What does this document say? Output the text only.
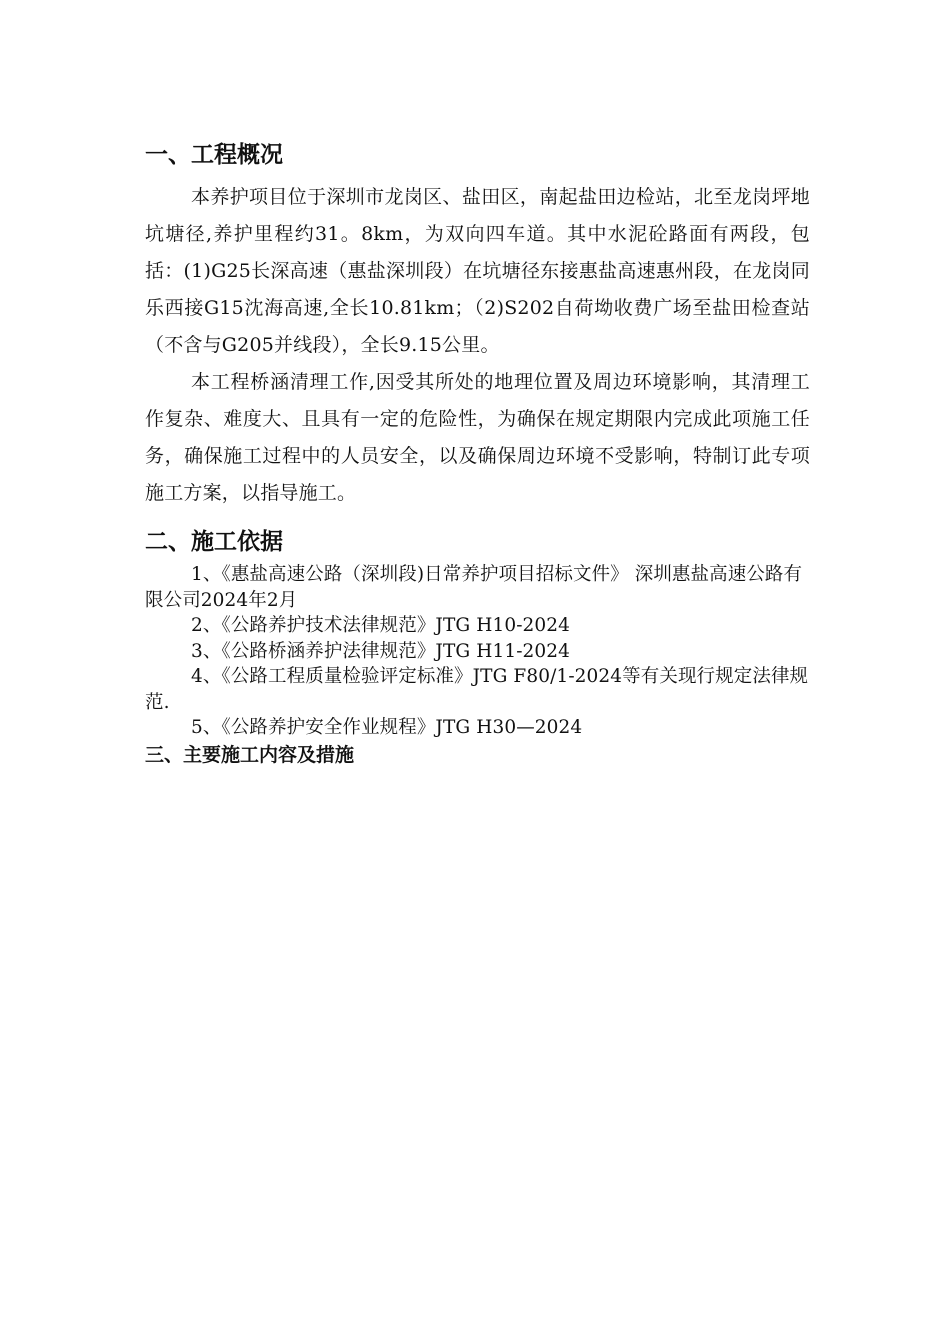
一、工程概况

本养护项目位于深圳市龙岗区、盐田区，南起盐田边检站，北至龙岗坪地坑塘径,养护里程约31。8km，为双向四车道。其中水泥砼路面有两段，包括：(1)G25长深高速（惠盐深圳段）在坑塘径东接惠盐高速惠州段，在龙岗同乐西接G15沈海高速,全长10.81km；（2)S202自荷坳收费广场至盐田检查站（不含与G205并线段），全长9.15公里。

本工程桥涵清理工作,因受其所处的地理位置及周边环境影响，其清理工作复杂、难度大、且具有一定的危险性，为确保在规定期限内完成此项施工任务，确保施工过程中的人员安全，以及确保周边环境不受影响，特制订此专项施工方案，以指导施工。

二、施工依据

1、《惠盐高速公路（深圳段)日常养护项目招标文件》 深圳惠盐高速公路有限公司2024年2月

2、《公路养护技术法律规范》JTG H10-2024

3、《公路桥涵养护法律规范》JTG H11-2024

4、《公路工程质量检验评定标准》JTG F80/1-2024等有关现行规定法律规范.

5、《公路养护安全作业规程》JTG H30—2024

三、主要施工内容及措施
